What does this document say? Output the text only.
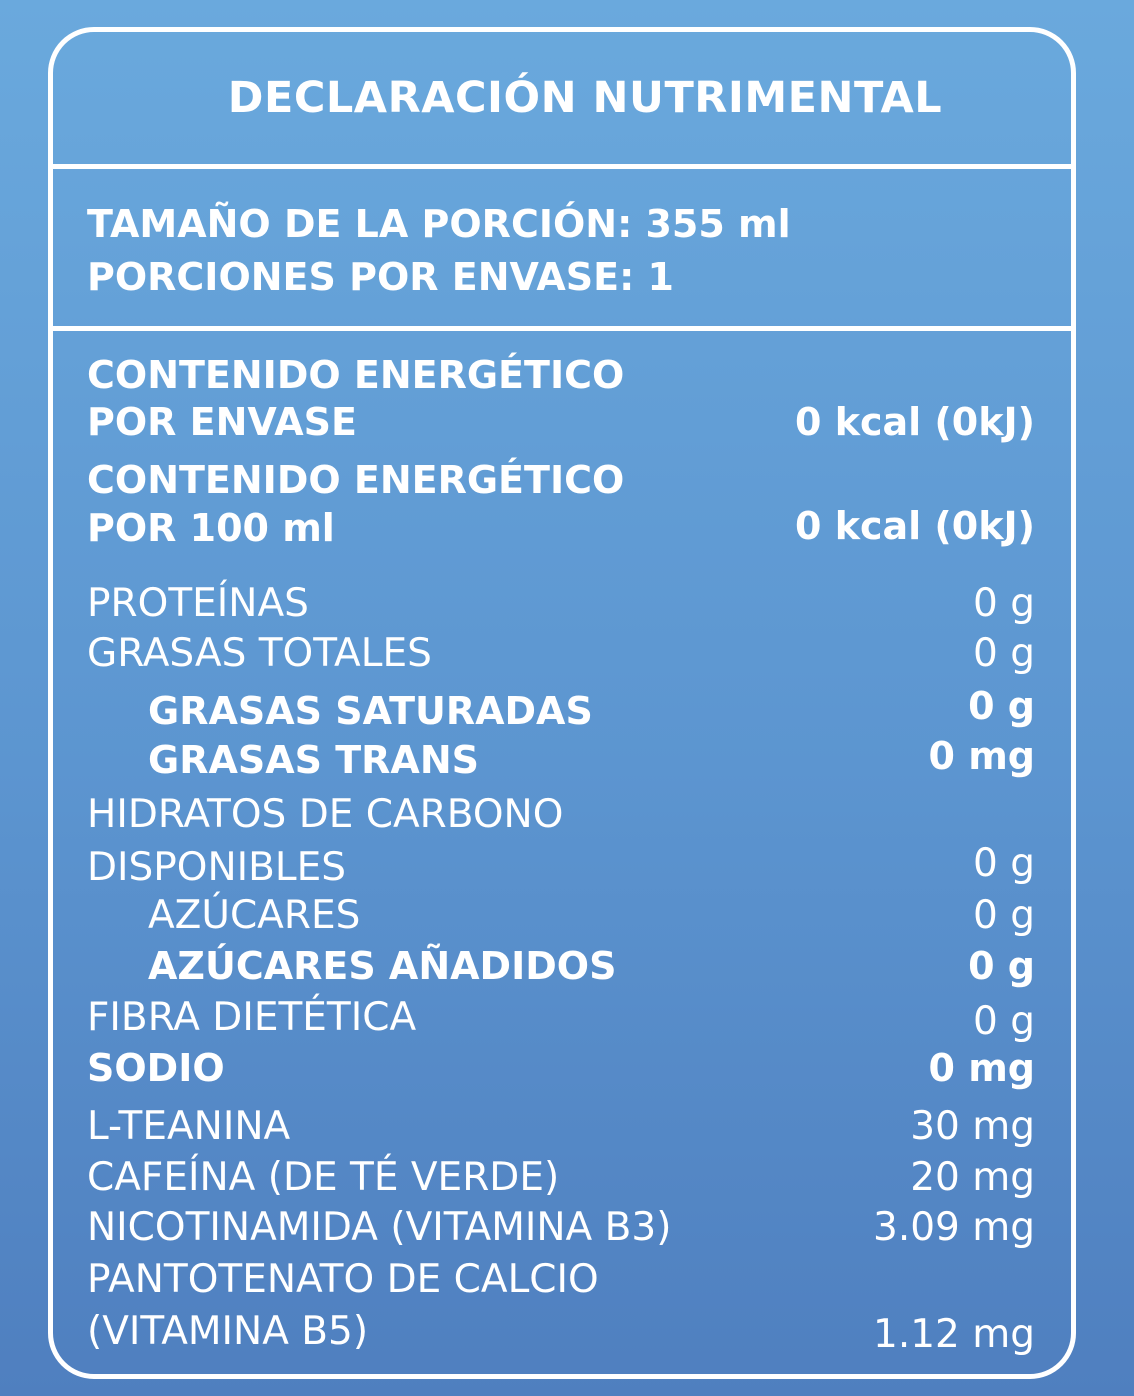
DECLARACIÓN NUTRIMENTAL
TAMAÑO DE LA PORCIÓN: 355 ml
PORCIONES POR ENVASE: 1
CONTENIDO ENERGÉTICO
POR ENVASE	0 kcal (0kJ)
CONTENIDO ENERGÉTICO
POR 100 ml	0 kcal (0kJ)
PROTEÍNAS	0 g
GRASAS TOTALES	0 g
GRASAS SATURADAS	0 g
GRASAS TRANS	0 mg
HIDRATOS DE CARBONO
DISPONIBLES	0 g
AZÚCARES	0 g
AZÚCARES AÑADIDOS	0 g
FIBRA DIETÉTICA	0 g
SODIO	0 mg
L-TEANINA	30 mg
CAFEÍNA (DE TÉ VERDE)	20 mg
NICOTINAMIDA (VITAMINA B3)	3.09 mg
PANTOTENATO DE CALCIO
(VITAMINA B5)	1.12 mg
